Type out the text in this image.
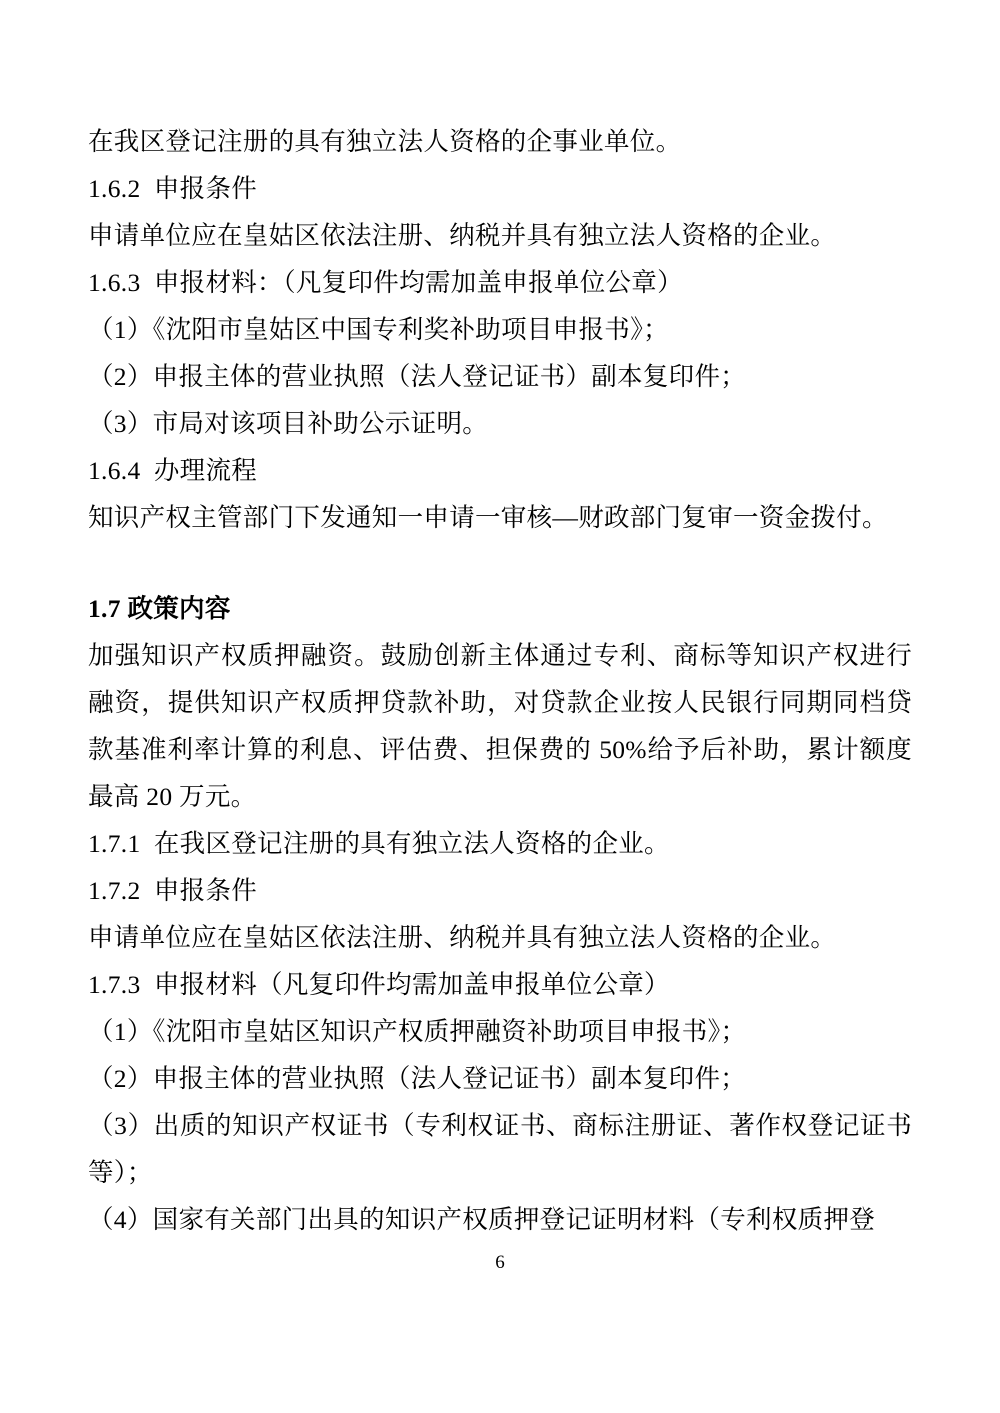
在我区登记注册的具有独立法人资格的企事业单位。

1.6.2  申报条件

申请单位应在皇姑区依法注册、纳税并具有独立法人资格的企业。

1.6.3  申报材料：（凡复印件均需加盖申报单位公章）

（1）《沈阳市皇姑区中国专利奖补助项目申报书》；

（2）申报主体的营业执照（法人登记证书）副本复印件；

（3）市局对该项目补助公示证明。

1.6.4  办理流程

知识产权主管部门下发通知一申请一审核—财政部门复审一资金拨付。

1.7 政策内容

加强知识产权质押融资。鼓励创新主体通过专利、商标等知识产权进行融资，提供知识产权质押贷款补助，对贷款企业按人民银行同期同档贷款基准利率计算的利息、评估费、担保费的 50%给予后补助，累计额度最高 20 万元。

1.7.1  在我区登记注册的具有独立法人资格的企业。

1.7.2  申报条件

申请单位应在皇姑区依法注册、纳税并具有独立法人资格的企业。

1.7.3  申报材料（凡复印件均需加盖申报单位公章）

（1）《沈阳市皇姑区知识产权质押融资补助项目申报书》；

（2）申报主体的营业执照（法人登记证书）副本复印件；

（3）出质的知识产权证书（专利权证书、商标注册证、著作权登记证书等）；

（4）国家有关部门出具的知识产权质押登记证明材料（专利权质押登

6
